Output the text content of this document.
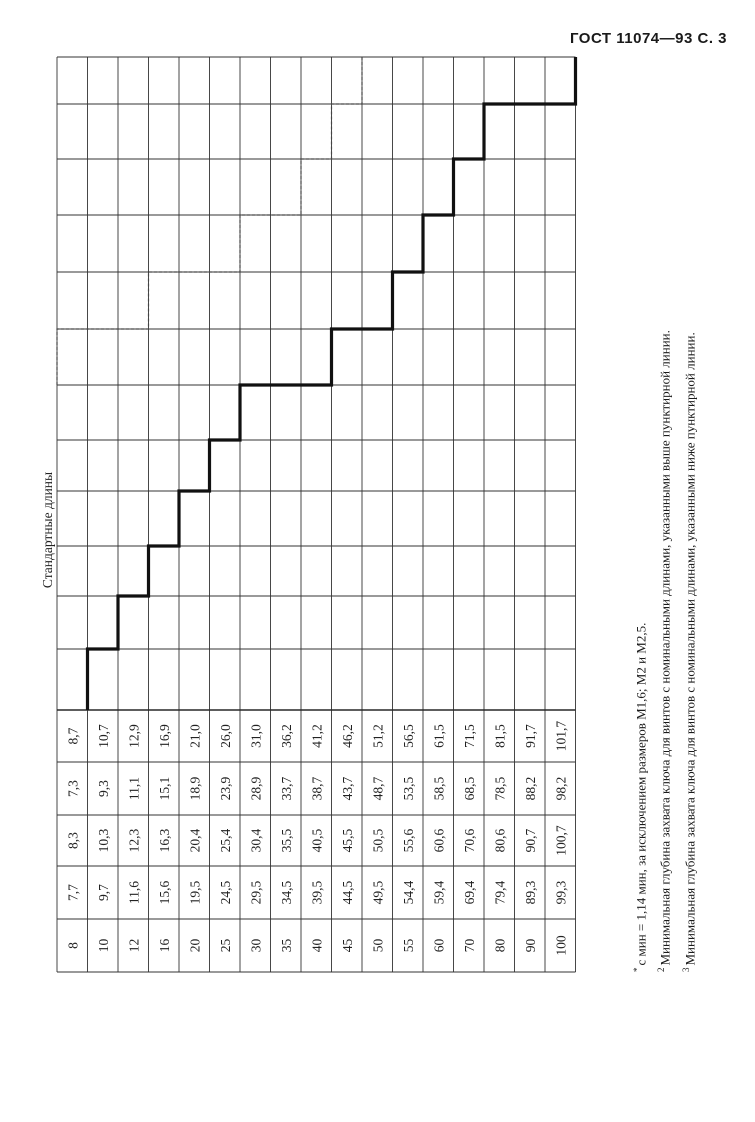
ГОСТ 11074—93 С. 3
8
7,7
8,3
7,3
8,7
10
9,7
10,3
9,3
10,7
12
11,6
12,3
11,1
12,9
16
15,6
16,3
15,1
16,9
20
19,5
20,4
18,9
21,0
25
24,5
25,4
23,9
26,0
30
29,5
30,4
28,9
31,0
35
34,5
35,5
33,7
36,2
40
39,5
40,5
38,7
41,2
45
44,5
45,5
43,7
46,2
50
49,5
50,5
48,7
51,2
55
54,4
55,6
53,5
56,5
60
59,4
60,6
58,5
61,5
70
69,4
70,6
68,5
71,5
80
79,4
80,6
78,5
81,5
90
89,3
90,7
88,2
91,7
100
99,3
100,7
98,2
101,7
Стандартные длины

*c мин = 1,14 мин, за исключением размеров М1,6; М2 и М2,5.

$^2$Минимальная глубина захвата ключа для винтов с номинальными длинами, указанными выше пунктирной линии.

$^3$Минимальная глубина захвата ключа для винтов с номинальными длинами, указанными ниже пунктирной линии.
